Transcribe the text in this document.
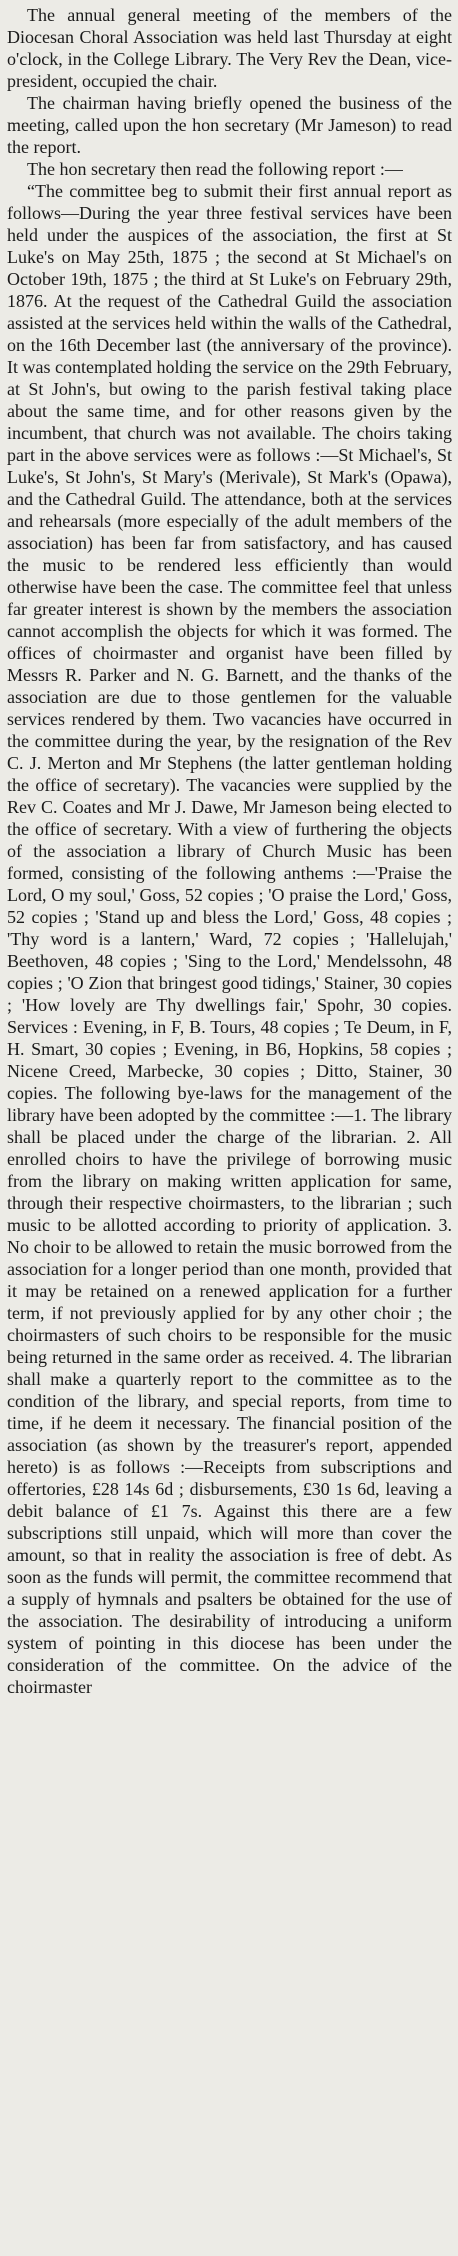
The annual general meeting of the members of the Diocesan Choral Association was held last Thursday at eight o'clock, in the College Library. The Very Rev the Dean, vice-president, occupied the chair.

The chairman having briefly opened the business of the meeting, called upon the hon secretary (Mr Jameson) to read the report.

The hon secretary then read the following report :—

“The committee beg to submit their first annual report as follows—During the year three festival services have been held under the auspices of the association, the first at St Luke's on May 25th, 1875 ; the second at St Michael's on October 19th, 1875 ; the third at St Luke's on February 29th, 1876. At the request of the Cathedral Guild the association assisted at the services held within the walls of the Cathedral, on the 16th December last (the anniversary of the province). It was contemplated holding the service on the 29th February, at St John's, but owing to the parish festival taking place about the same time, and for other reasons given by the incumbent, that church was not available. The choirs taking part in the above services were as follows :—St Michael's, St Luke's, St John's, St Mary's (Merivale), St Mark's (Opawa), and the Cathedral Guild. The attendance, both at the services and rehearsals (more especially of the adult members of the association) has been far from satisfactory, and has caused the music to be rendered less efficiently than would otherwise have been the case. The committee feel that unless far greater interest is shown by the members the association cannot accomplish the objects for which it was formed. The offices of choirmaster and organist have been filled by Messrs R. Parker and N. G. Barnett, and the thanks of the association are due to those gentlemen for the valuable services rendered by them. Two vacancies have occurred in the committee during the year, by the resignation of the Rev C. J. Merton and Mr Stephens (the latter gentleman holding the office of secretary). The vacancies were supplied by the Rev C. Coates and Mr J. Dawe, Mr Jameson being elected to the office of secretary. With a view of furthering the objects of the association a library of Church Music has been formed, consisting of the following anthems :—'Praise the Lord, O my soul,' Goss, 52 copies ; 'O praise the Lord,' Goss, 52 copies ; 'Stand up and bless the Lord,' Goss, 48 copies ; 'Thy word is a lantern,' Ward, 72 copies ; 'Hallelujah,' Beethoven, 48 copies ; 'Sing to the Lord,' Mendelssohn, 48 copies ; 'O Zion that bringest good tidings,' Stainer, 30 copies ; 'How lovely are Thy dwellings fair,' Spohr, 30 copies. Services : Evening, in F, B. Tours, 48 copies ; Te Deum, in F, H. Smart, 30 copies ; Evening, in B6, Hopkins, 58 copies ; Nicene Creed, Marbecke, 30 copies ; Ditto, Stainer, 30 copies. The following bye-laws for the management of the library have been adopted by the committee :—1. The library shall be placed under the charge of the librarian. 2. All enrolled choirs to have the privilege of borrowing music from the library on making written application for same, through their respective choirmasters, to the librarian ; such music to be allotted according to priority of application. 3. No choir to be allowed to retain the music borrowed from the association for a longer period than one month, provided that it may be retained on a renewed application for a further term, if not previously applied for by any other choir ; the choirmasters of such choirs to be responsible for the music being returned in the same order as received. 4. The librarian shall make a quarterly report to the committee as to the condition of the library, and special reports, from time to time, if he deem it necessary. The financial position of the association (as shown by the treasurer's report, appended hereto) is as follows :—Receipts from subscriptions and offertories, £28 14s 6d ; disbursements, £30 1s 6d, leaving a debit balance of £1 7s. Against this there are a few subscriptions still unpaid, which will more than cover the amount, so that in reality the association is free of debt. As soon as the funds will permit, the committee recommend that a supply of hymnals and psalters be obtained for the use of the association. The desirability of introducing a uniform system of pointing in this diocese has been under the consideration of the committee. On the advice of the choirmaster
